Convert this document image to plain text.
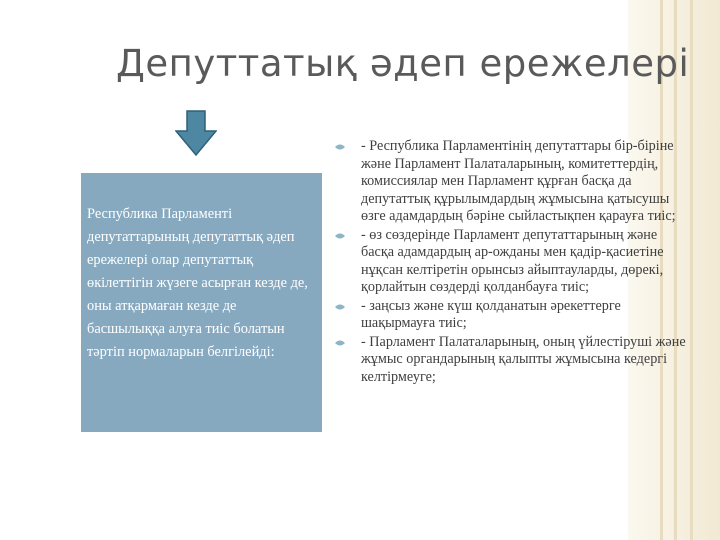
Депуттатық әдеп ережелері

Республика Парламенті депутаттарының депутаттық әдеп ережелері олар депутаттық өкілеттігін жүзеге асырған кезде де, оны атқармаған кезде де басшылыққа алуға тиіс болатын тәртіп нормаларын белгілейді:

- Республика Парламентінің депутаттары бір-біріне және Парламент Палаталарының, комитеттердің, комиссиялар мен Парламент құрған басқа да депутаттық құрылымдардың жұмысына қатысушы өзге адамдардың бәріне сыйластықпен қарауға тиіс;
- өз сөздерінде Парламент депутаттарының және басқа адамдардың ар-ожданы мен қадір-қасиетіне нұқсан келтіретін орынсыз айыптауларды, дөрекі, қорлайтын сөздерді қолданбауға тиіс;
- заңсыз және күш қолданатын әрекеттерге шақырмауға тиіс;
- Парламент Палаталарының, оның үйлестіруші және жұмыс органдарының қалыпты жұмысына кедергі келтірмеуге;
